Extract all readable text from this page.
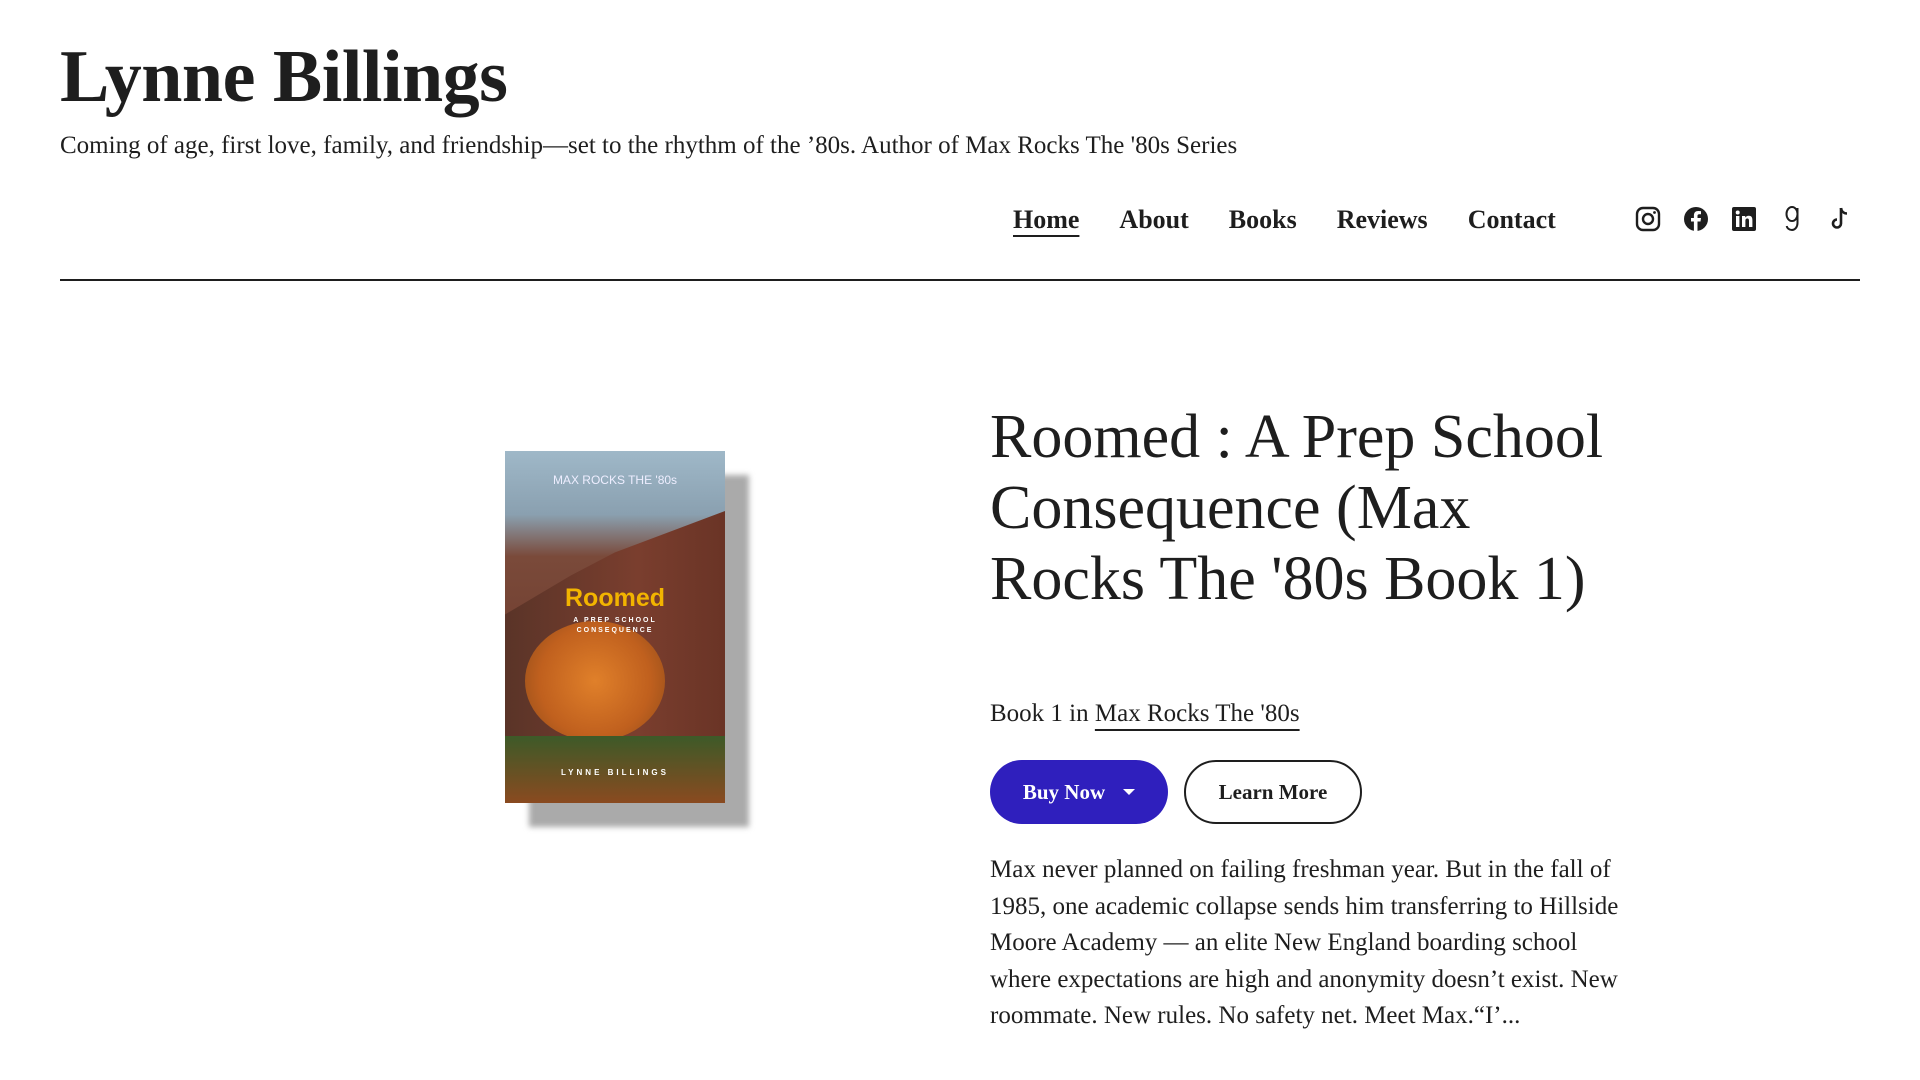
Lynne Billings
Coming of age, first love, family, and friendship—set to the rhythm of the ’80s. Author of Max Rocks The '80s Series
Home About Books Reviews Contact
MAX ROCKS THE '80s
Roomed
A PREP SCHOOL CONSEQUENCE
LYNNE BILLINGS
Roomed : A Prep School Consequence (Max Rocks The '80s Book 1)
Book 1 in Max Rocks The '80s
Buy Now	Learn More

Max never planned on failing freshman year. But in the fall of 1985, one academic collapse sends him transferring to Hillside Moore Academy — an elite New England boarding school where expectations are high and anonymity doesn’t exist. New roommate. New rules. No safety net. Meet Max.“I’...
